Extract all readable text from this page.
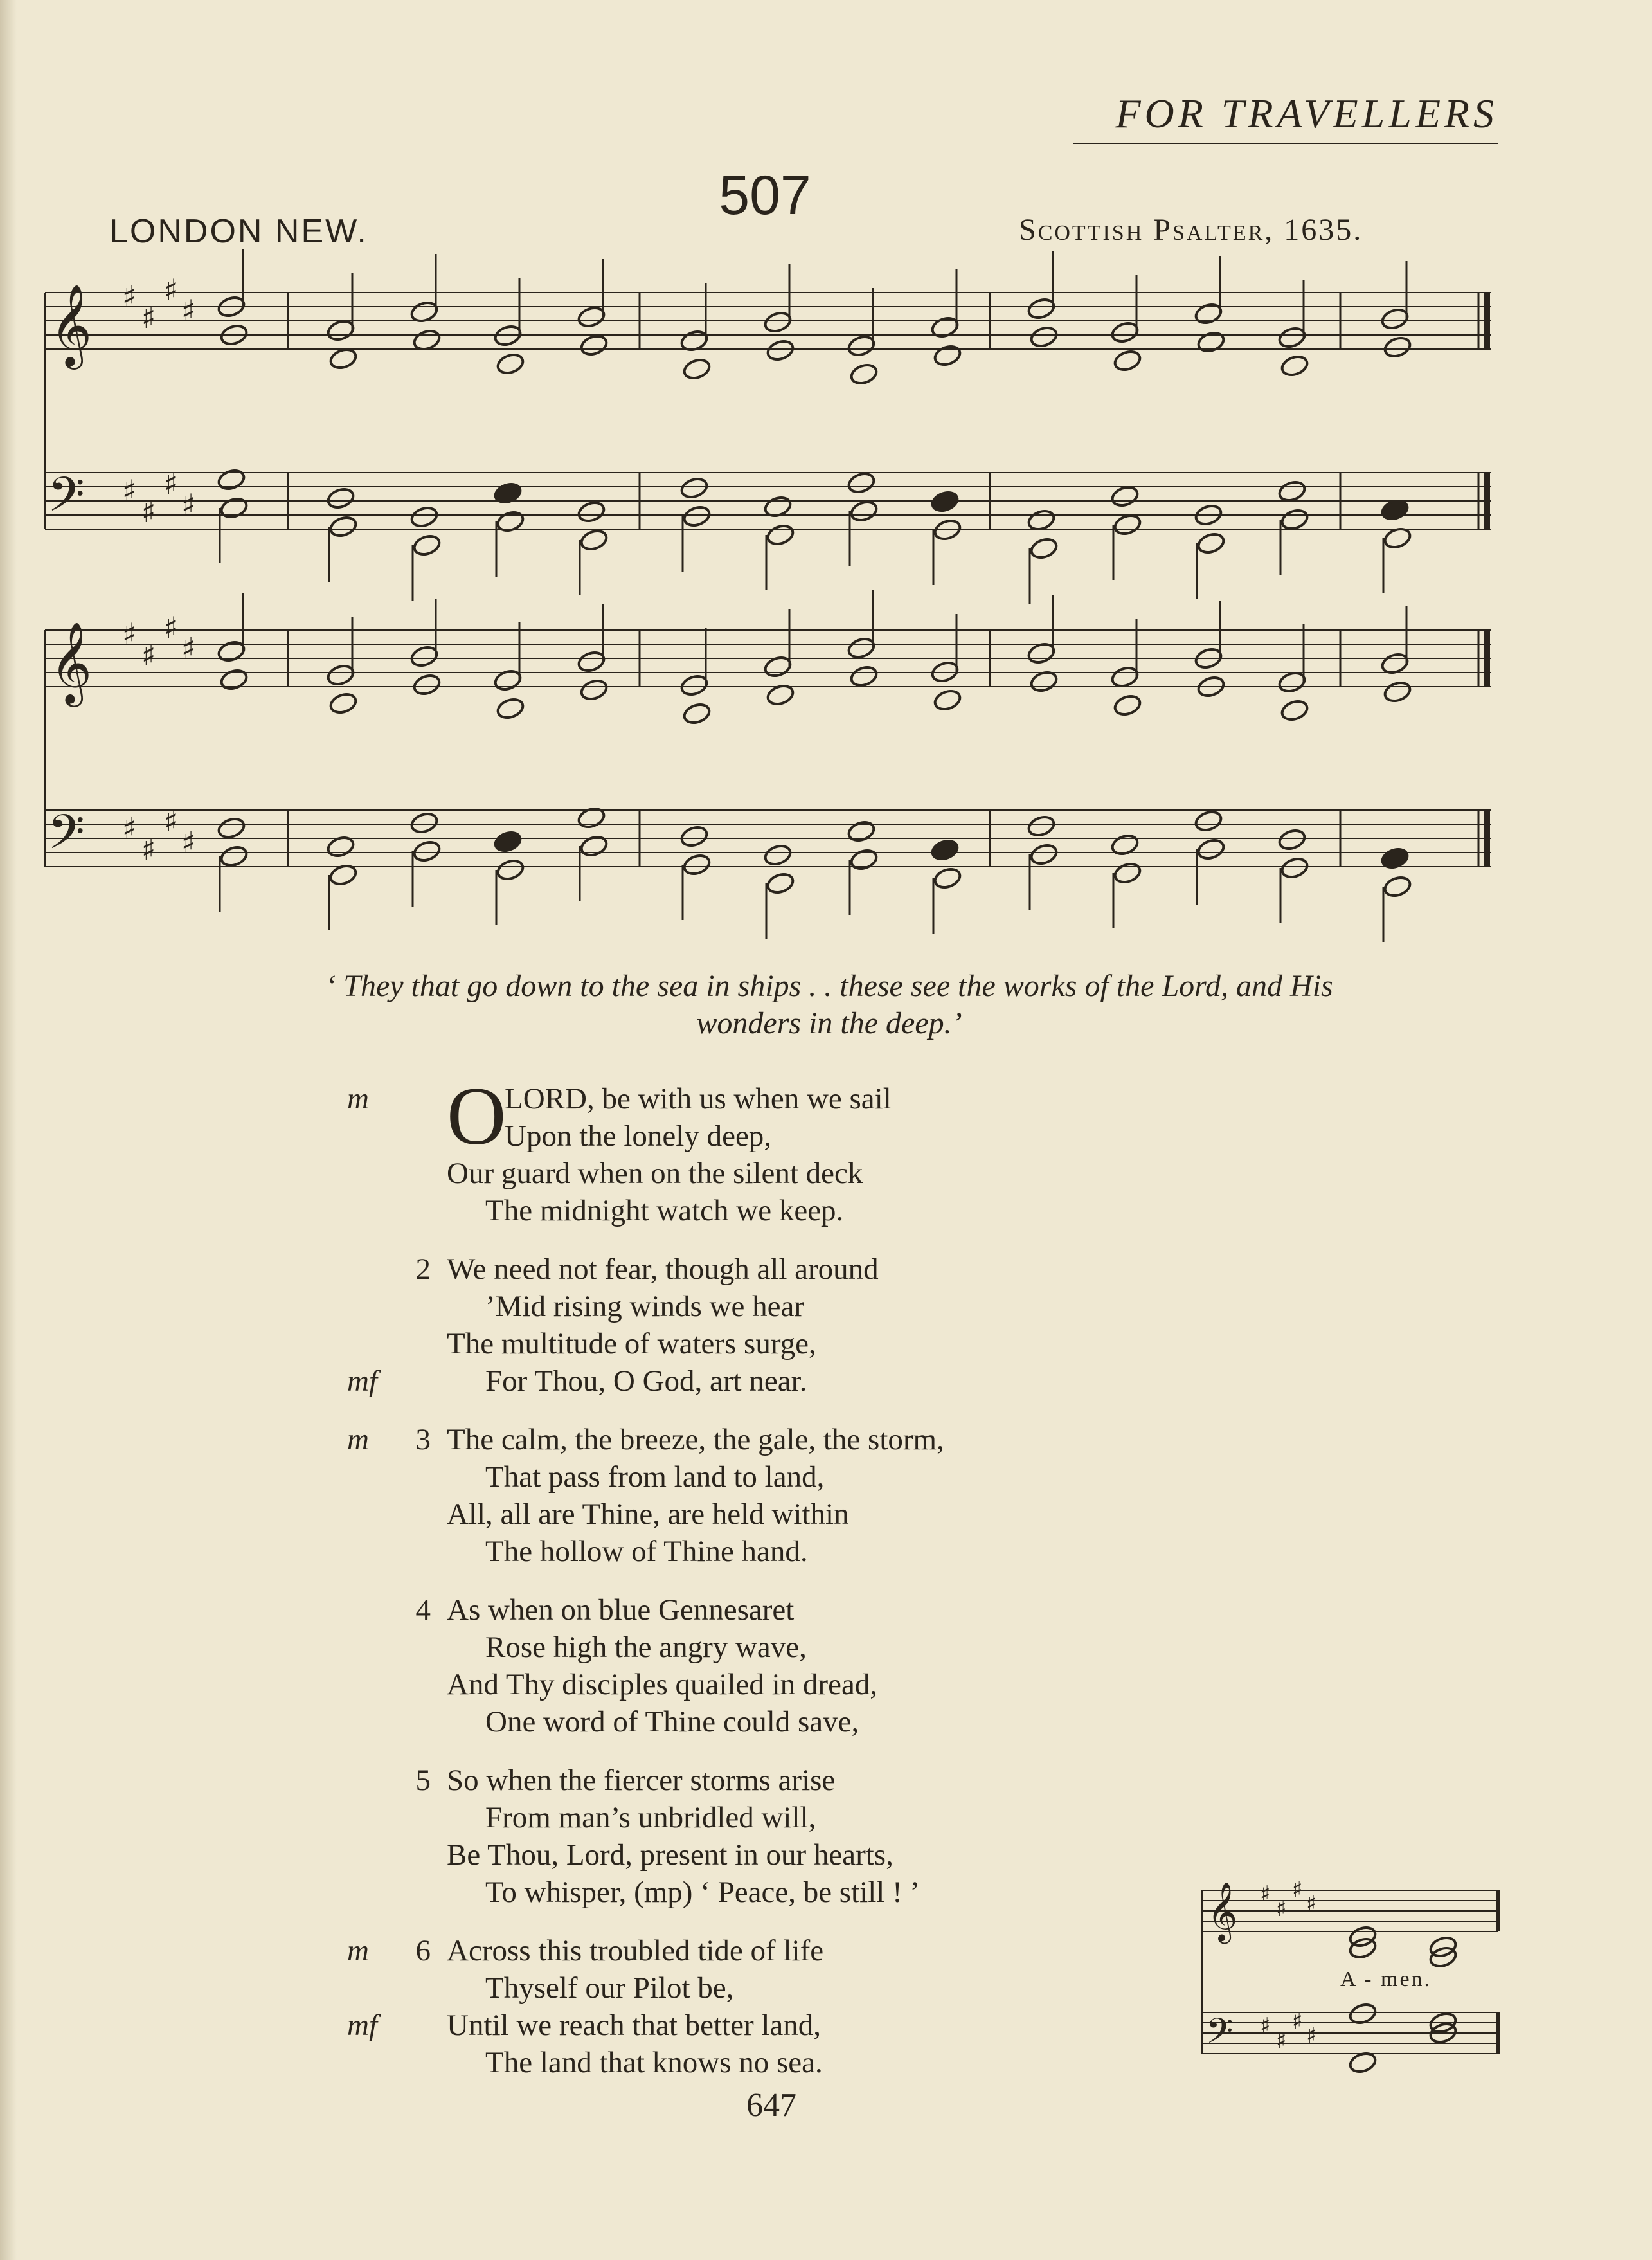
FOR TRAVELLERS
507
LONDON NEW.	Scottish Psalter, 1635.
𝄞
𝄢
♯
♯
♯
♯
♯
♯
♯
♯
𝄞
𝄢
♯
♯
♯
♯
♯
♯
♯
♯
𝄞
𝄢
♯
♯
♯
♯
♯
♯
♯
♯
‘ They that go down to the sea in ships . . these see the works of the Lord, and His
wonders in the deep.’
m O
LORD, be with us when we sail
Upon the lonely deep,
Our guard when on the silent deck
The midnight watch we keep.
2 We need not fear, though all around
’Mid rising winds we hear
The multitude of waters surge,
mf	For Thou, O God, art near.
m	3 The calm, the breeze, the gale, the storm,
That pass from land to land,
All, all are Thine, are held within
The hollow of Thine hand.
4 As when on blue Gennesaret
Rose high the angry wave,
And Thy disciples quailed in dread,
One word of Thine could save,
5 So when the fiercer storms arise
From man’s unbridled will,
Be Thou, Lord, present in our hearts,
To whisper, (mp) ‘ Peace, be still ! ’
m	6 Across this troubled tide of life
Thyself our Pilot be,
mf	Until we reach that better land,
The land that knows no sea.
A - men.
647
